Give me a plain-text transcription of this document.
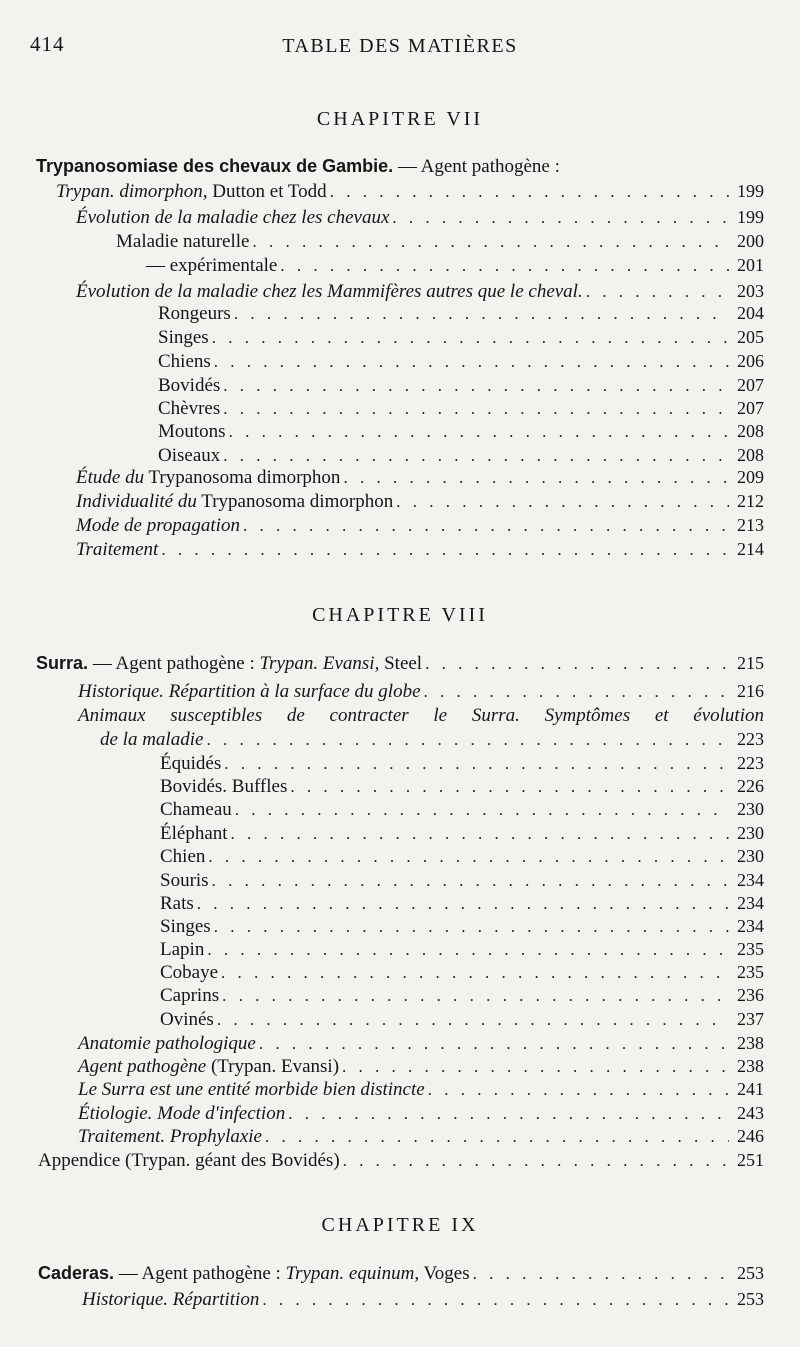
414	TABLE DES MATIÈRES
CHAPITRE VII
Trypanosomiase des chevaux de Gambie. — Agent pathogène :
Trypan. dimorphon, Dutton et Todd . . .	199
Évolution de la maladie chez les chevaux . . .	199
Maladie naturelle . . .	200
— expérimentale . . .	201
Évolution de la maladie chez les Mammifères autres que le cheval. . . .	203
Rongeurs . . .	204
Singes . . .	205
Chiens . . .	206
Bovidés . . .	207
Chèvres . . .	207
Moutons . . .	208
Oiseaux . . .	208
Étude du Trypanosoma dimorphon . . .	209
Individualité du Trypanosoma dimorphon . . .	212
Mode de propagation . . .	213
Traitement . . .	214
CHAPITRE VIII
Surra. — Agent pathogène : Trypan. Evansi, Steel . . .	215
Historique. Répartition à la surface du globe . . .	216
Animaux susceptibles de contracter le Surra. Symptômes et évolution
de la maladie . . .	223
Équidés . . .	223
Bovidés. Buffles . . .	226
Chameau . . .	230
Éléphant . . .	230
Chien . . .	230
Souris . . .	234
Rats . . .	234
Singes . . .	234
Lapin . . .	235
Cobaye . . .	235
Caprins . . .	236
Ovinés . . .	237
Anatomie pathologique . . .	238
Agent pathogène (Trypan. Evansi) . . .	238
Le Surra est une entité morbide bien distincte . . .	241
Étiologie. Mode d'infection . . .	243
Traitement. Prophylaxie . . .	246
Appendice (Trypan. géant des Bovidés) . . .	251
CHAPITRE IX
Caderas. — Agent pathogène : Trypan. equinum, Voges . . .	253
Historique. Répartition . . .	253
